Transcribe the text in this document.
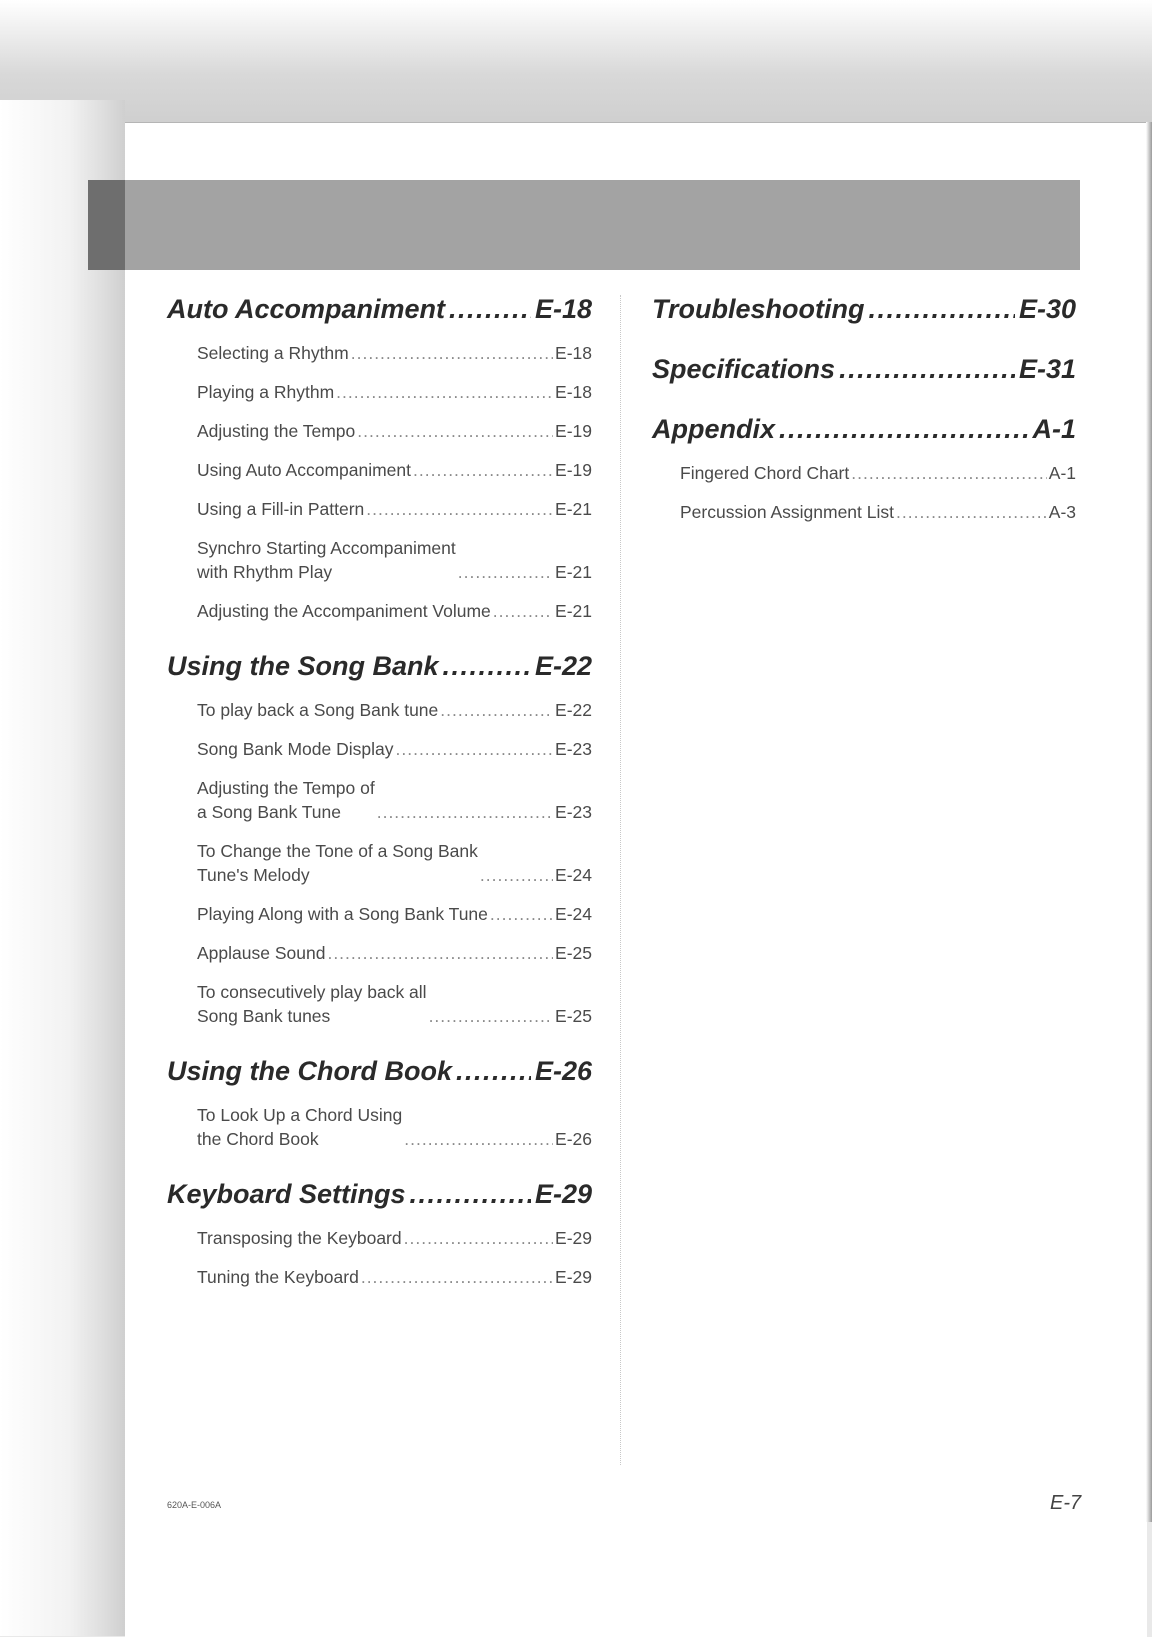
Auto Accompaniment . . .	E-18
Selecting a Rhythm .....	E-18
Playing a Rhythm .....	E-18
Adjusting the Tempo .....	E-19
Using Auto Accompaniment .....	E-19
Using a Fill-in Pattern .....	E-21
Synchro Starting Accompaniment
with Rhythm Play .....	E-21
Adjusting the Accompaniment Volume .....	E-21
Using the Song Bank . . .	E-22
To play back a Song Bank tune .....	E-22
Song Bank Mode Display .....	E-23
Adjusting the Tempo of
a Song Bank Tune .....	E-23
To Change the Tone of a Song Bank
Tune's Melody .....	E-24
Playing Along with a Song Bank Tune .....	E-24
Applause Sound .....	E-25
To consecutively play back all
Song Bank tunes .....	E-25
Using the Chord Book . . .	E-26
To Look Up a Chord Using
the Chord Book .....	E-26
Keyboard Settings . . .	E-29
Transposing the Keyboard .....	E-29
Tuning the Keyboard .....	E-29
Troubleshooting . . .	E-30
Specifications . . .	E-31
Appendix . . .	A-1
Fingered Chord Chart .....	A-1
Percussion Assignment List .....	A-3
620A-E-006A	E-7
